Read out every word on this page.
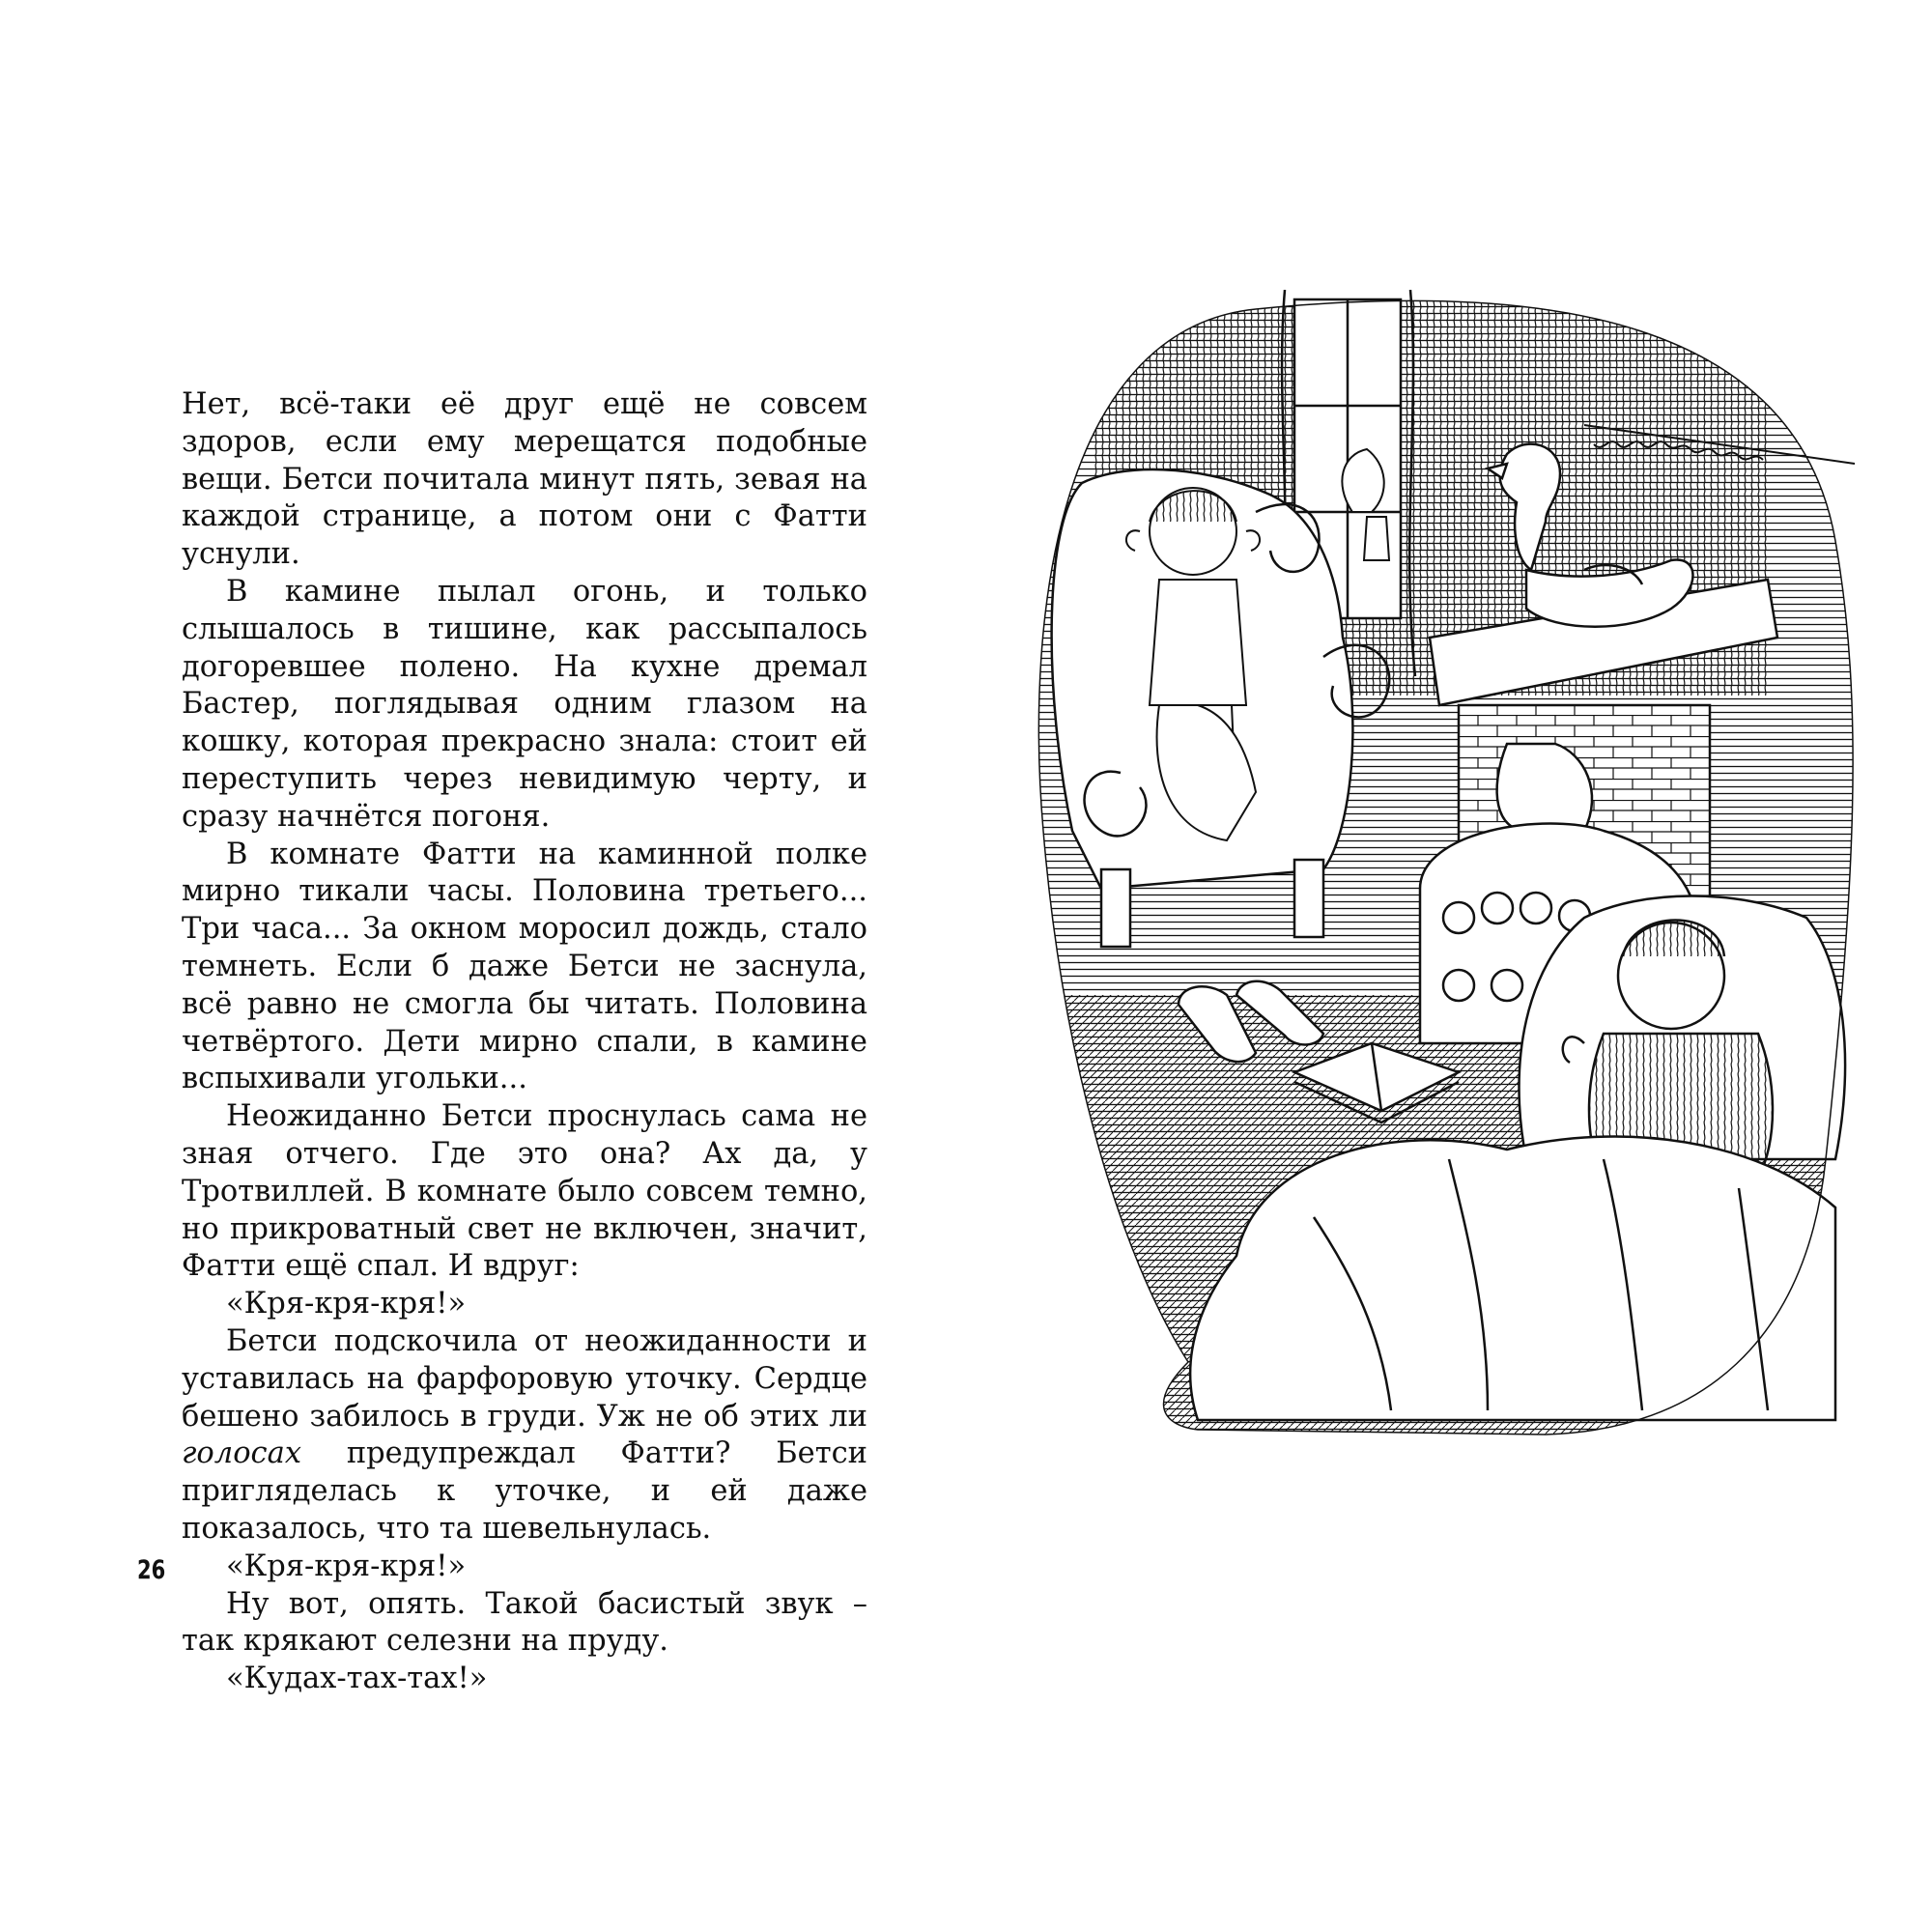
Нет, всё-таки её друг ещё не совсем здоров, если ему мерещатся подобные вещи. Бетси почитала минут пять, зевая на каждой странице, а потом они с Фатти уснули.

В камине пылал огонь, и только слышалось в тишине, как рассыпалось догоревшее полено. На кухне дремал Бастер, поглядывая одним глазом на кошку, которая прекрасно знала: стоит ей переступить через невидимую черту, и сразу начнётся погоня.

В комнате Фатти на каминной полке мирно тикали часы. Половина третьего... Три часа... За окном моросил дождь, стало темнеть. Если б даже Бетси не заснула, всё равно не смогла бы читать. Половина четвёртого. Дети мирно спали, в камине вспыхивали угольки...

Неожиданно Бетси проснулась сама не зная отчего. Где это она? Ах да, у Тротвиллей. В комнате было совсем темно, но прикроватный свет не включен, значит, Фатти ещё спал. И вдруг:

«Кря-кря-кря!»

Бетси подскочила от неожиданности и уставилась на фарфоровую уточку. Сердце бешено забилось в груди. Уж не об этих ли голосах предупреждал Фатти? Бетси пригляделась к уточке, и ей даже показалось, что та шевельнулась.

«Кря-кря-кря!»

Ну вот, опять. Такой басистый звук – так крякают селезни на пруду.

«Кудах-тах-тах!»

26
